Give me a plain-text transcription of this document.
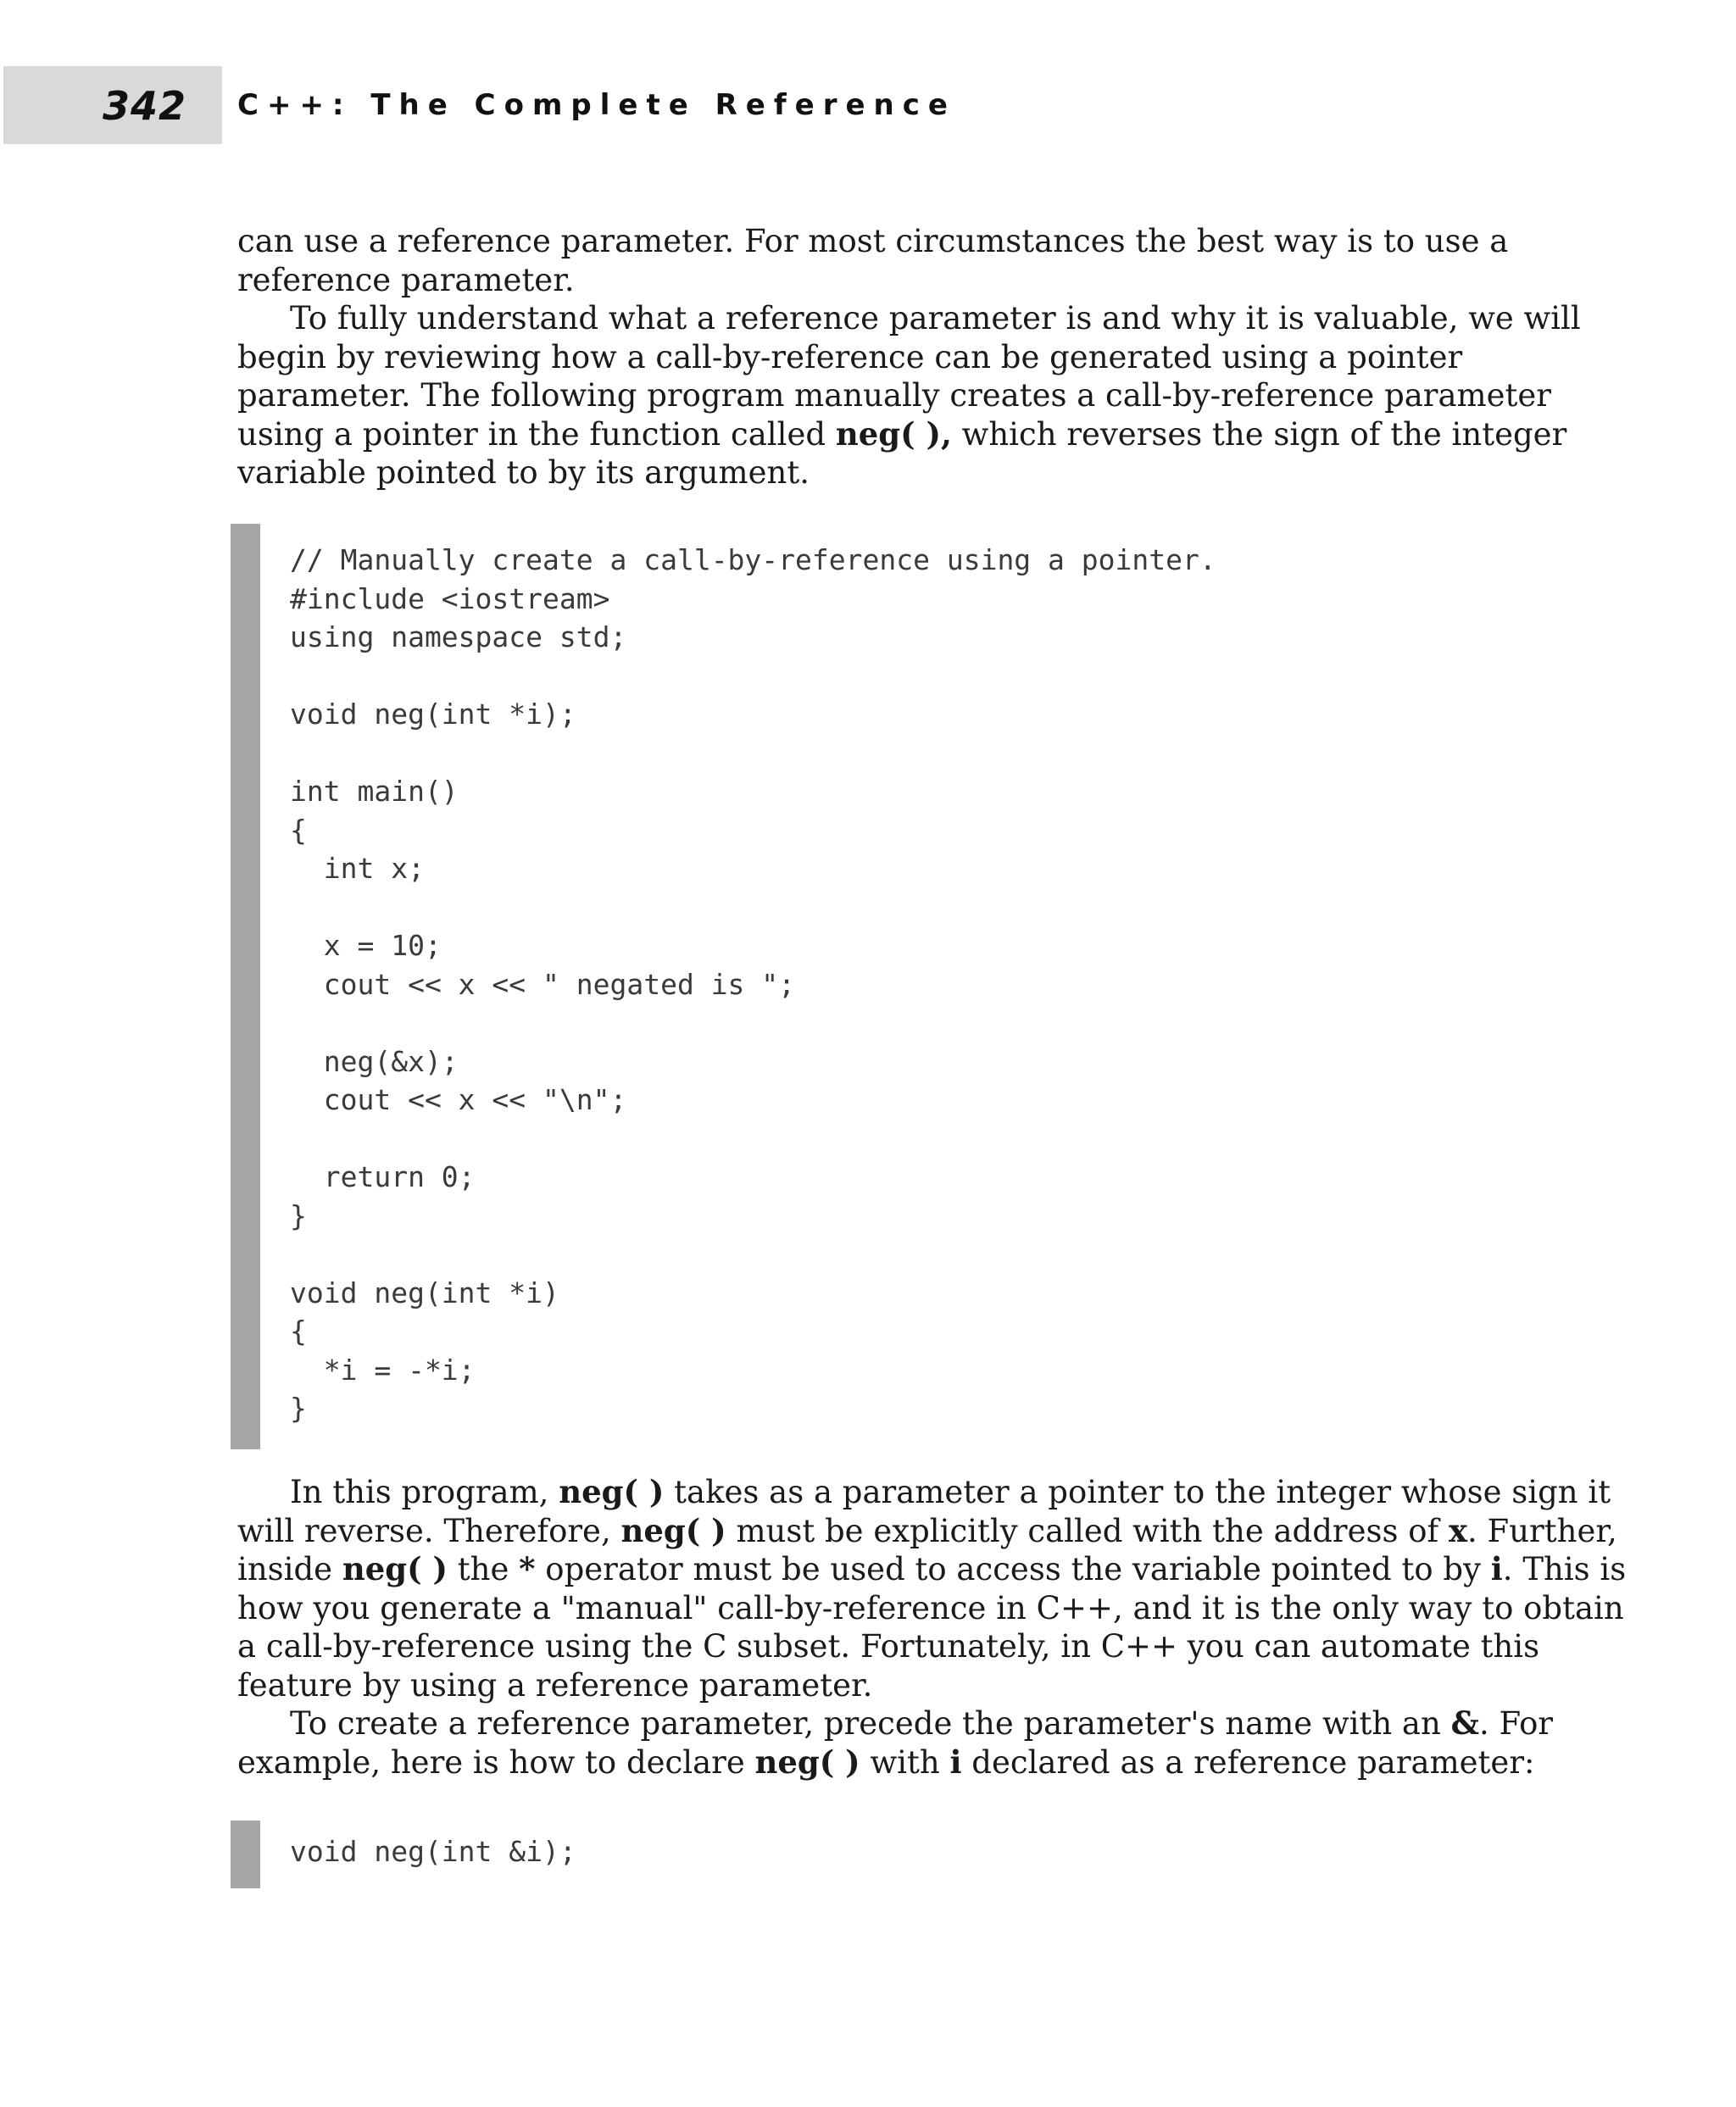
342 C++: The Complete Reference
can use a reference parameter. For most circumstances the best way is to use a
reference parameter.
To fully understand what a reference parameter is and why it is valuable, we will
begin by reviewing how a call-by-reference can be generated using a pointer
parameter. The following program manually creates a call-by-reference parameter
using a pointer in the function called neg( ), which reverses the sign of the integer
variable pointed to by its argument.
// Manually create a call-by-reference using a pointer.
#include <iostream>
using namespace std;
void neg(int *i);
int main()
{
int x;
x = 10;
cout << x << " negated is ";
neg(&x);
cout << x << "\n";
return 0;
}
void neg(int *i)
{
*i = -*i;
}
In this program, neg( ) takes as a parameter a pointer to the integer whose sign it
will reverse. Therefore, neg( ) must be explicitly called with the address of x. Further,
inside neg( ) the * operator must be used to access the variable pointed to by i. This is
how you generate a "manual" call-by-reference in C++, and it is the only way to obtain
a call-by-reference using the C subset. Fortunately, in C++ you can automate this
feature by using a reference parameter.
To create a reference parameter, precede the parameter's name with an &. For
example, here is how to declare neg( ) with i declared as a reference parameter:
void neg(int &i);
